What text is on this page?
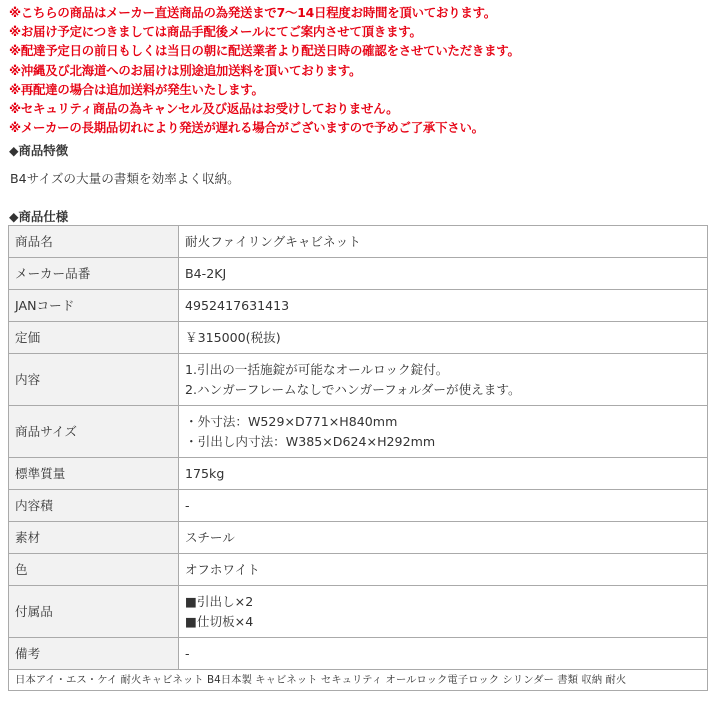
※こちらの商品はメーカー直送商品の為発送まで7～14日程度お時間を頂いております。
※お届け予定につきましては商品手配後メールにてご案内させて頂きます。
※配達予定日の前日もしくは当日の朝に配送業者より配送日時の確認をさせていただきます。
※沖縄及び北海道へのお届けは別途追加送料を頂いております。
※再配達の場合は追加送料が発生いたします。
※セキュリティ商品の為キャンセル及び返品はお受けしておりません。
※メーカーの長期品切れにより発送が遅れる場合がございますので予めご了承下さい。
◆商品特徴
B4サイズの大量の書類を効率よく収納。
◆商品仕様
商品名	耐火ファイリングキャビネット

メーカー品番	B4-2KJ

JANコード	4952417631413

定価	￥315000(税抜)

内容	1.引出の一括施錠が可能なオールロック錠付。
2.ハンガーフレームなしでハンガーフォルダーが使えます。

商品サイズ	・外寸法：W529×D771×H840mm
・引出し内寸法：W385×D624×H292mm

標準質量	175kg

内容積	-

素材	スチール

色	オフホワイト

付属品	■引出し×2
■仕切板×4

備考	-

日本アイ・エス・ケイ 耐火キャビネット B4日本製 キャビネット セキュリティ オールロック電子ロック シリンダー 書類 収納 耐火	
